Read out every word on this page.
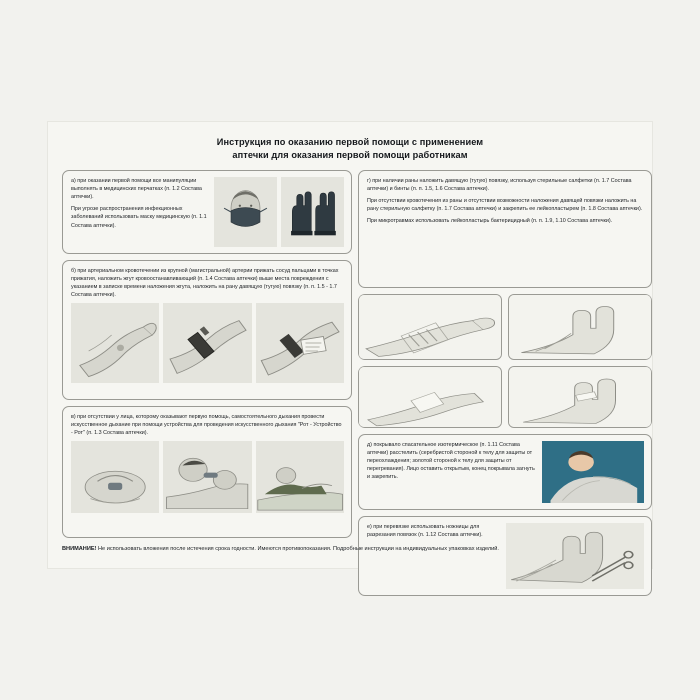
Инструкция по оказанию первой помощи с применением
аптечки для оказания первой помощи работникам

а) при оказании первой помощи все манипуляции выполнять в медицинских перчатках (п. 1.2 Состава аптечки).

При угрозе распространения инфекционных заболеваний использовать маску медицинскую (п. 1.1 Состава аптечки).

б) при артериальном кровотечении из крупной (магистральной) артерии прижать сосуд пальцами в точках прижатия, наложить жгут кровоостанавливающий (п. 1.4 Состава аптечки) выше места повреждения с указанием в записке времени наложения жгута, наложить на рану давящую (тугую) повязку (п. п. 1.5 - 1.7 Состава аптечки).
в) при отсутствии у лица, которому оказывают первую помощь, самостоятельного дыхания провести искусственное дыхание при помощи устройства для проведения искусственного дыхания "Рот - Устройство - Рот" (п. 1.3 Состава аптечки).

г) при наличии раны наложить давящую (тугую) повязку, используя стерильные салфетки (п. 1.7 Состава аптечки) и бинты (п. п. 1.5, 1.6 Состава аптечки).

При отсутствии кровотечения из раны и отсутствии возможности наложения давящей повязки наложить на рану стерильную салфетку (п. 1.7 Состава аптечки) и закрепить ее лейкопластырем (п. 1.8 Состава аптечки).

При микротравмах использовать лейкопластырь бактерицидный (п. п. 1.9, 1.10 Состава аптечки).

д) покрывало спасательное изотермическое (п. 1.11 Состава аптечки) расстелить (серебристой стороной к телу для защиты от переохлаждения; золотой стороной к телу для защиты от перегревания). Лицо оставить открытым, конец покрывала загнуть и закрепить.

е) при перевязке использовать ножницы для разрезания повязок (п. 1.12 Состава аптечки).

ВНИМАНИЕ! Не использовать вложения после истечения срока годности. Имеются противопоказания. Подробные инструкции на индивидуальных упаковках изделий.
